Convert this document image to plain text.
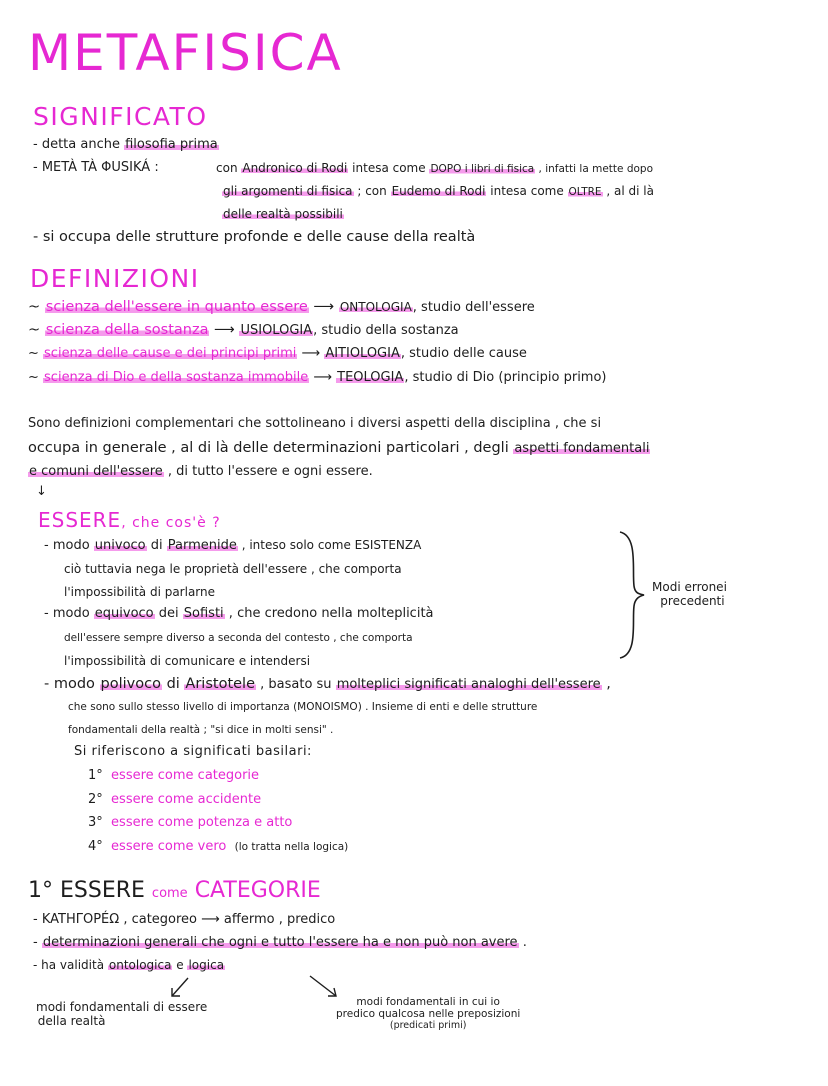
METAFISICA
SIGNIFICATO
- detta anche filosofia prima
- METÀ TÀ ΦUSIKÁ :	con Andronico di Rodi intesa come DOPO i libri di fisica , infatti la mette dopo
gli argomenti di fisica ; con Eudemo di Rodi intesa come OLTRE , al di là
delle realtà possibili
- si occupa delle strutture profonde e delle cause della realtà
DEFINIZIONI
~ scienza dell'essere in quanto essere ⟶ ONTOLOGIA, studio dell'essere
~ scienza della sostanza ⟶ USIOLOGIA, studio della sostanza
~ scienza delle cause e dei principi primi ⟶ AITIOLOGIA, studio delle cause
~ scienza di Dio e della sostanza immobile ⟶ TEOLOGIA, studio di Dio (principio primo)
Sono definizioni complementari che sottolineano i diversi aspetti della disciplina , che si
occupa in generale , al di là delle determinazioni particolari , degli aspetti fondamentali
e comuni dell'essere , di tutto l'essere e ogni essere.
↓
ESSERE, che cos'è ?
- modo univoco di Parmenide , inteso solo come ESISTENZA
ciò tuttavia nega le proprietà dell'essere , che comporta
l'impossibilità di parlarne
- modo equivoco dei Sofisti , che credono nella molteplicità
dell'essere sempre diverso a seconda del contesto , che comporta
l'impossibilità di comunicare e intendersi
Modi erronei
precedenti
- modo polivoco di Aristotele , basato su molteplici significati analoghi dell'essere ,
che sono sullo stesso livello di importanza (MONOISMO) . Insieme di enti e delle strutture
fondamentali della realtà ; "si dice in molti sensi" .
Si riferiscono a significati basilari:
1° essere come categorie
2° essere come accidente
3° essere come potenza e atto
4° essere come vero (lo tratta nella logica)
1° ESSERE come CATEGORIE
- KATHΓOPÉΩ , categoreo ⟶ affermo , predico
- determinazioni generali che ogni e tutto l'essere ha e non può non avere .
- ha validità ontologica e logica
modi fondamentali di essere
della realtà
modi fondamentali in cui io
predico qualcosa nelle preposizioni
(predicati primi)
